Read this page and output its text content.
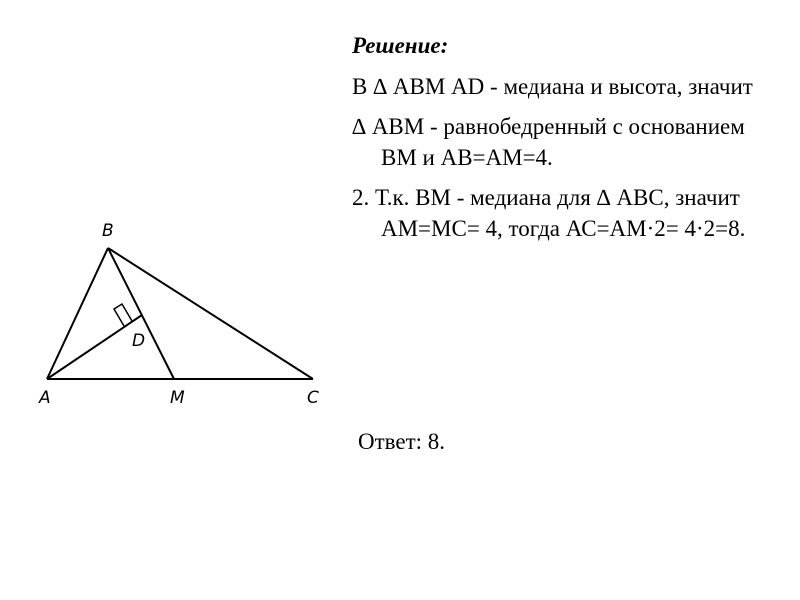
B
D
A	M	C
Решение:
В ∆ АВМ АD - медиана и высота, значит
∆ АВМ - равнобедренный с основанием ВМ и АВ=АМ=4.
2. Т.к. ВМ - медиана для ∆ АВС, значит АМ=МС= 4, тогда АС=АМ·2= 4·2=8.
Ответ: 8.
